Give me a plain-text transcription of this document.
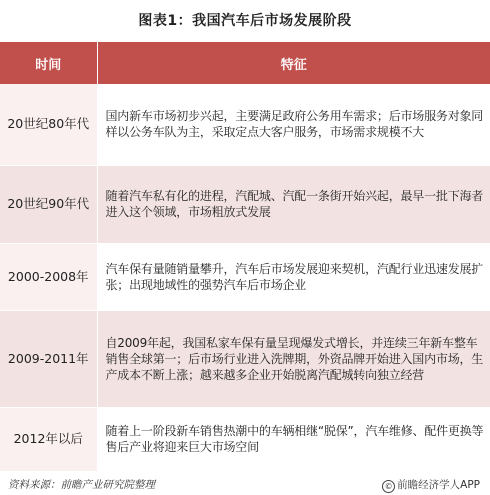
图表1：我国汽车后市场发展阶段
时间	特征
20世纪80年代	国内新车市场初步兴起，主要满足政府公务用车需求；后市场服务对象同样以公务车队为主，采取定点大客户服务，市场需求规模不大
20世纪90年代	随着汽车私有化的进程，汽配城、汽配一条街开始兴起，最早一批下海者进入这个领域，市场粗放式发展
2000-2008年	汽车保有量随销量攀升，汽车后市场发展迎来契机，汽配行业迅速发展扩张；出现地域性的强势汽车后市场企业
2009-2011年	自2009年起，我国私家车保有量呈现爆发式增长，并连续三年新车整车销售全球第一；后市场行业进入洗牌期，外资品牌开始进入国内市场，生产成本不断上涨；越来越多企业开始脱离汽配城转向独立经营
2012年以后	随着上一阶段新车销售热潮中的车辆相继“脱保”，汽车维修、配件更换等售后产业将迎来巨大市场空间
资料来源：前瞻产业研究院整理	© 前瞻经济学人APP
